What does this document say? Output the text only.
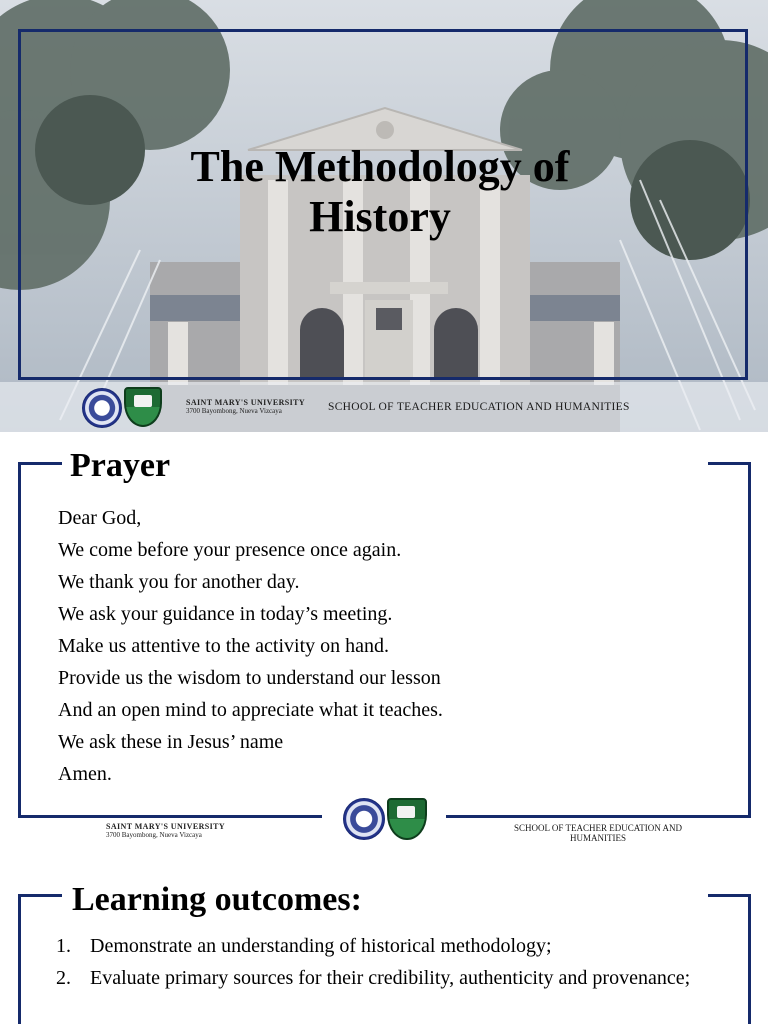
The Methodology of
History
SAINT MARY'S UNIVERSITY
3700 Bayombong, Nueva Vizcaya	SCHOOL OF TEACHER EDUCATION AND HUMANITIES
Prayer
Dear God,
We come before your presence once again.
We thank you for another day.
We ask your guidance in today’s meeting.
Make us attentive to the activity on hand.
Provide us the wisdom to understand our lesson
And an open mind to appreciate what it teaches.
We ask these in Jesus’ name
Amen.
SAINT MARY'S UNIVERSITY
3700 Bayombong, Nueva Vizcaya
SCHOOL OF TEACHER EDUCATION AND
HUMANITIES
Learning outcomes:
1. Demonstrate an understanding of historical methodology;
2. Evaluate primary sources for their credibility, authenticity and provenance;
